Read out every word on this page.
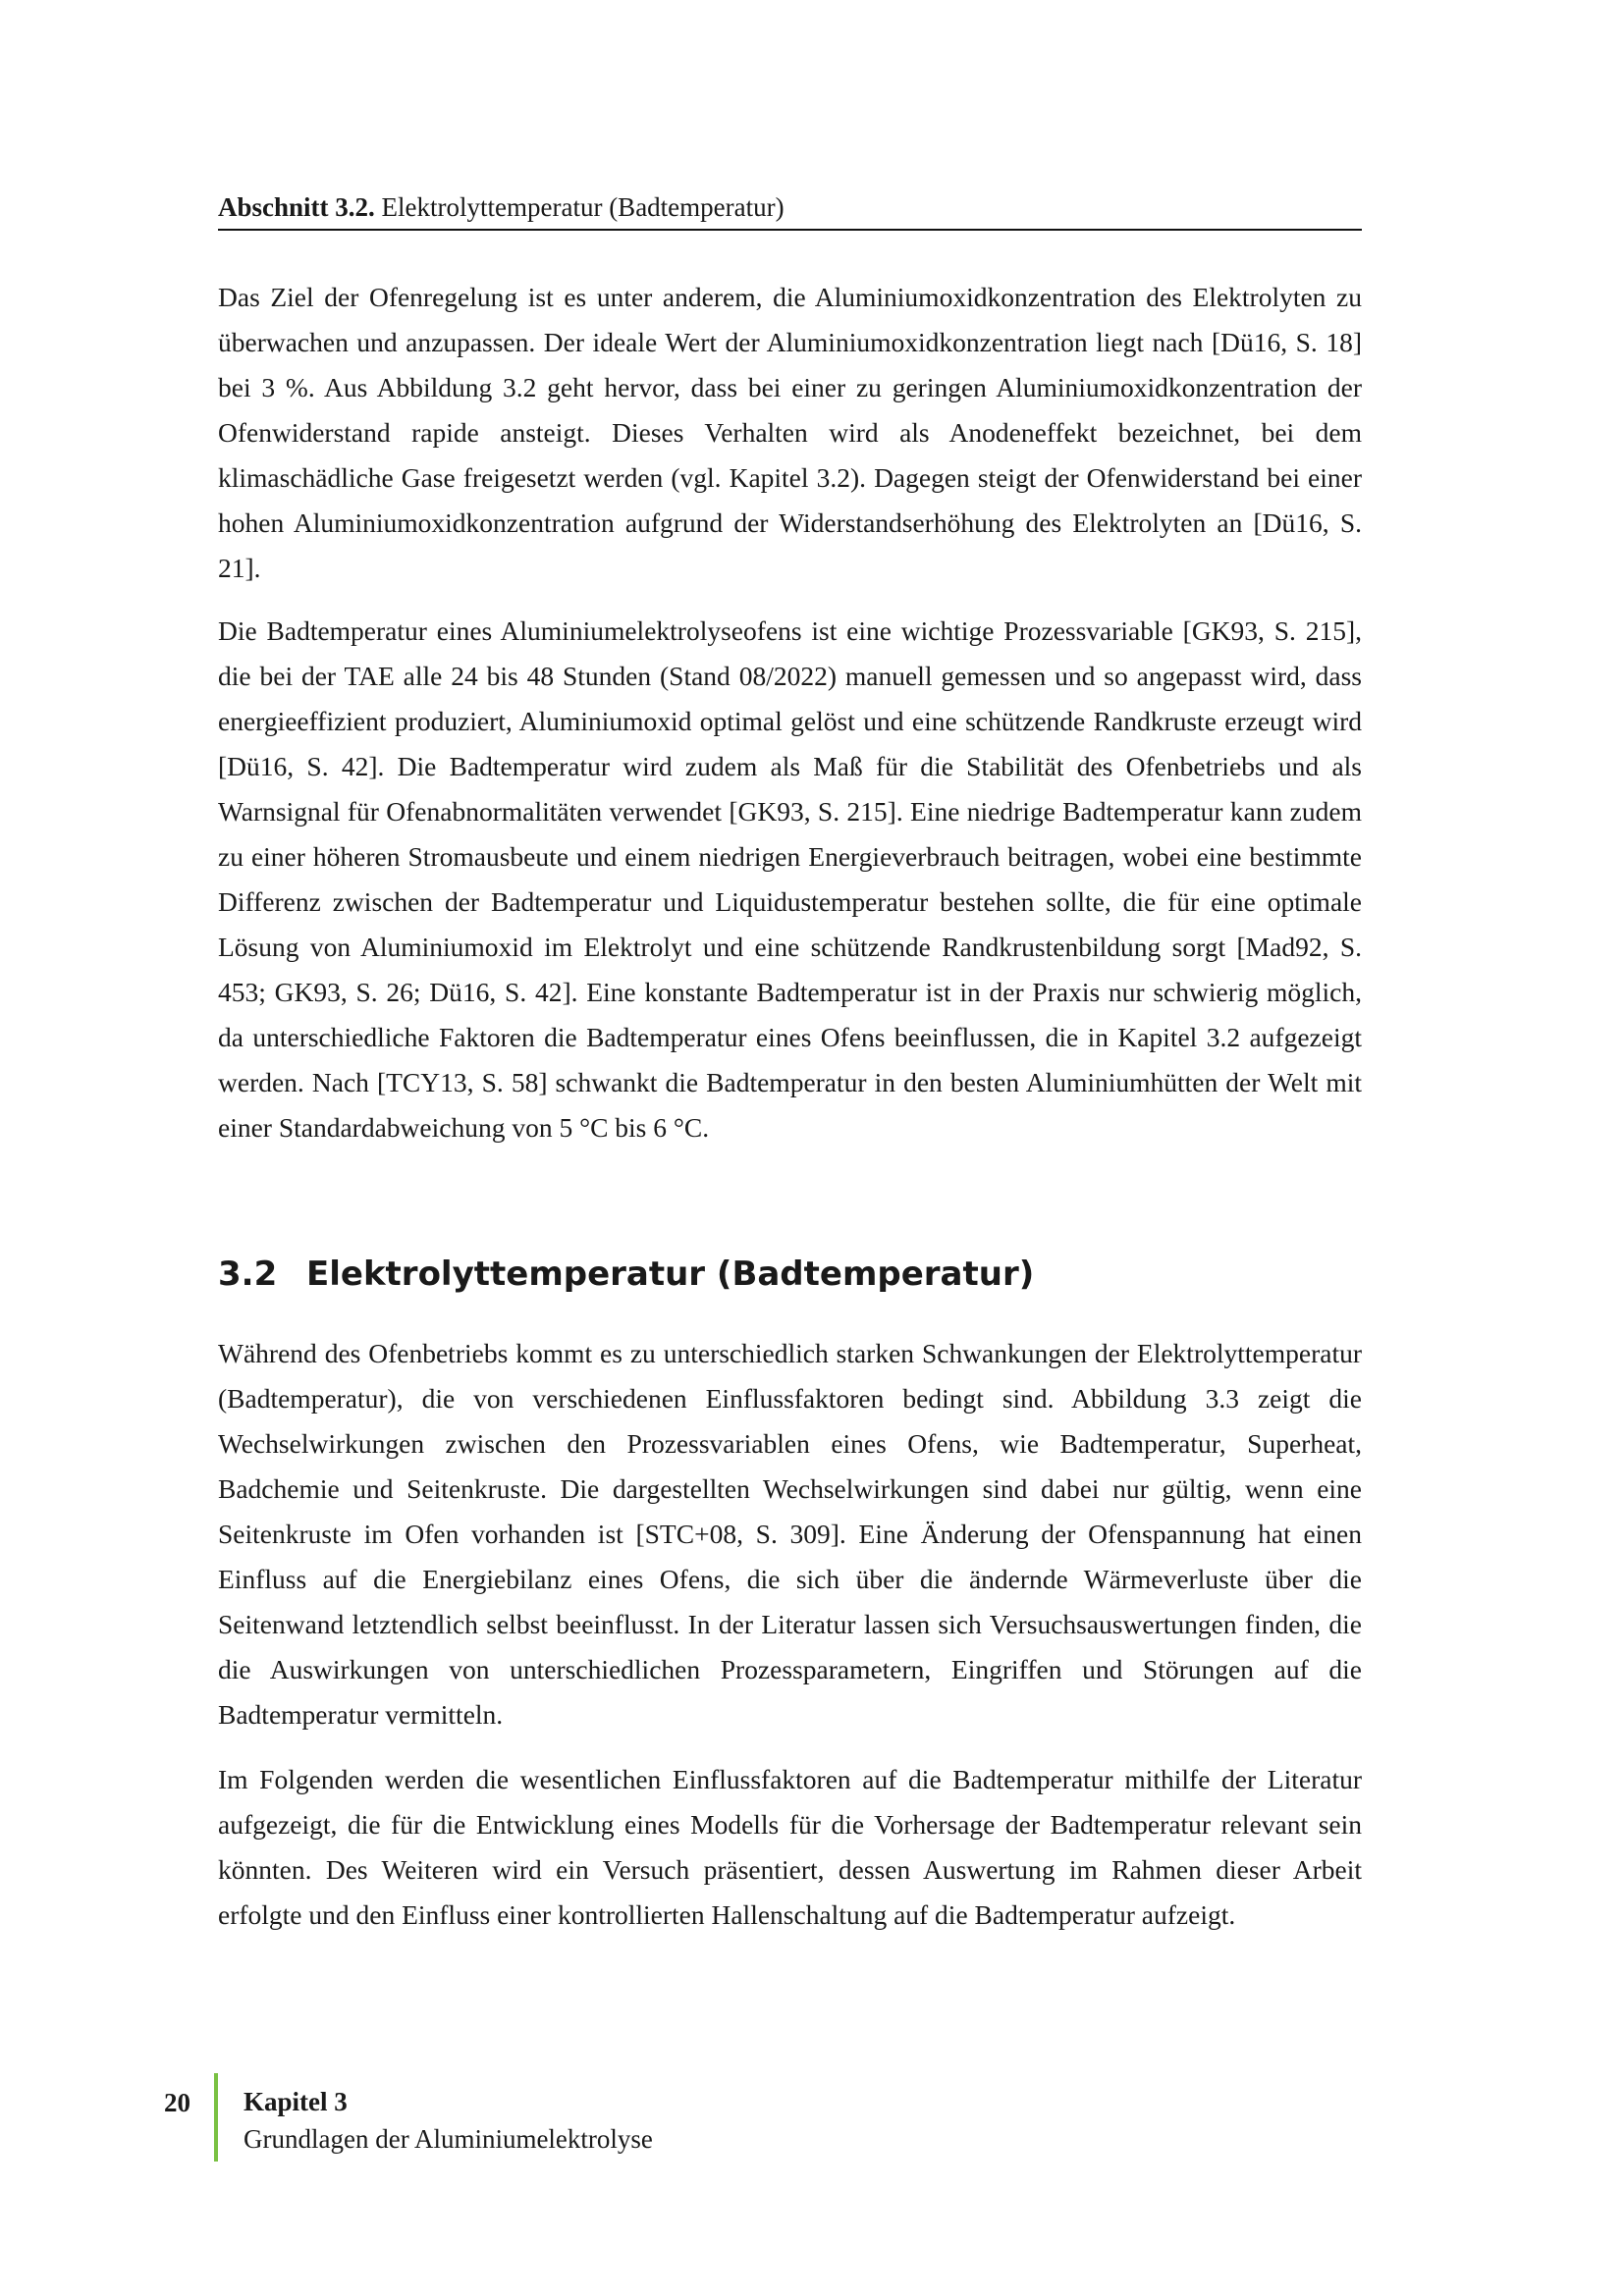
Abschnitt 3.2. Elektrolyttemperatur (Badtemperatur)

Das Ziel der Ofenregelung ist es unter anderem, die Aluminiumoxidkonzentration des Elektrolyten zu überwachen und anzupassen. Der ideale Wert der Aluminiumoxidkonzentration liegt nach [Dü16, S. 18] bei 3 %. Aus Abbildung 3.2 geht hervor, dass bei einer zu geringen Aluminiumoxidkonzentration der Ofenwiderstand rapide ansteigt. Dieses Verhalten wird als Anodeneffekt bezeichnet, bei dem klimaschädliche Gase freigesetzt werden (vgl. Kapitel 3.2). Dagegen steigt der Ofenwiderstand bei einer hohen Aluminiumoxidkonzentration aufgrund der Widerstandserhöhung des Elektrolyten an [Dü16, S. 21].

Die Badtemperatur eines Aluminiumelektrolyseofens ist eine wichtige Prozessvariable [GK93, S. 215], die bei der TAE alle 24 bis 48 Stunden (Stand 08/2022) manuell gemessen und so angepasst wird, dass energieeffizient produziert, Aluminiumoxid optimal gelöst und eine schützende Randkruste erzeugt wird [Dü16, S. 42]. Die Badtemperatur wird zudem als Maß für die Stabilität des Ofenbetriebs und als Warnsignal für Ofenabnormalitäten verwendet [GK93, S. 215]. Eine niedrige Badtemperatur kann zudem zu einer höheren Stromausbeute und einem niedrigen Energieverbrauch beitragen, wobei eine bestimmte Differenz zwischen der Badtemperatur und Liquidustemperatur bestehen sollte, die für eine optimale Lösung von Aluminiumoxid im Elektrolyt und eine schützende Randkrustenbildung sorgt [Mad92, S. 453; GK93, S. 26; Dü16, S. 42]. Eine konstante Badtemperatur ist in der Praxis nur schwierig möglich, da unterschiedliche Faktoren die Badtemperatur eines Ofens beeinflussen, die in Kapitel 3.2 aufgezeigt werden. Nach [TCY13, S. 58] schwankt die Badtemperatur in den besten Aluminiumhütten der Welt mit einer Standardabweichung von 5 °C bis 6 °C.

3.2 Elektrolyttemperatur (Badtemperatur)

Während des Ofenbetriebs kommt es zu unterschiedlich starken Schwankungen der Elektrolyttemperatur (Badtemperatur), die von verschiedenen Einflussfaktoren bedingt sind. Abbildung 3.3 zeigt die Wechselwirkungen zwischen den Prozessvariablen eines Ofens, wie Badtemperatur, Superheat, Badchemie und Seitenkruste. Die dargestellten Wechselwirkungen sind dabei nur gültig, wenn eine Seitenkruste im Ofen vorhanden ist [STC+08, S. 309]. Eine Änderung der Ofenspannung hat einen Einfluss auf die Energiebilanz eines Ofens, die sich über die ändernde Wärmeverluste über die Seitenwand letztendlich selbst beeinflusst. In der Literatur lassen sich Versuchsauswertungen finden, die die Auswirkungen von unterschiedlichen Prozessparametern, Eingriffen und Störungen auf die Badtemperatur vermitteln.

Im Folgenden werden die wesentlichen Einflussfaktoren auf die Badtemperatur mithilfe der Literatur aufgezeigt, die für die Entwicklung eines Modells für die Vorhersage der Badtemperatur relevant sein könnten. Des Weiteren wird ein Versuch präsentiert, dessen Auswertung im Rahmen dieser Arbeit erfolgte und den Einfluss einer kontrollierten Hallenschaltung auf die Badtemperatur aufzeigt.

20 Kapitel 3
Grundlagen der Aluminiumelektrolyse
